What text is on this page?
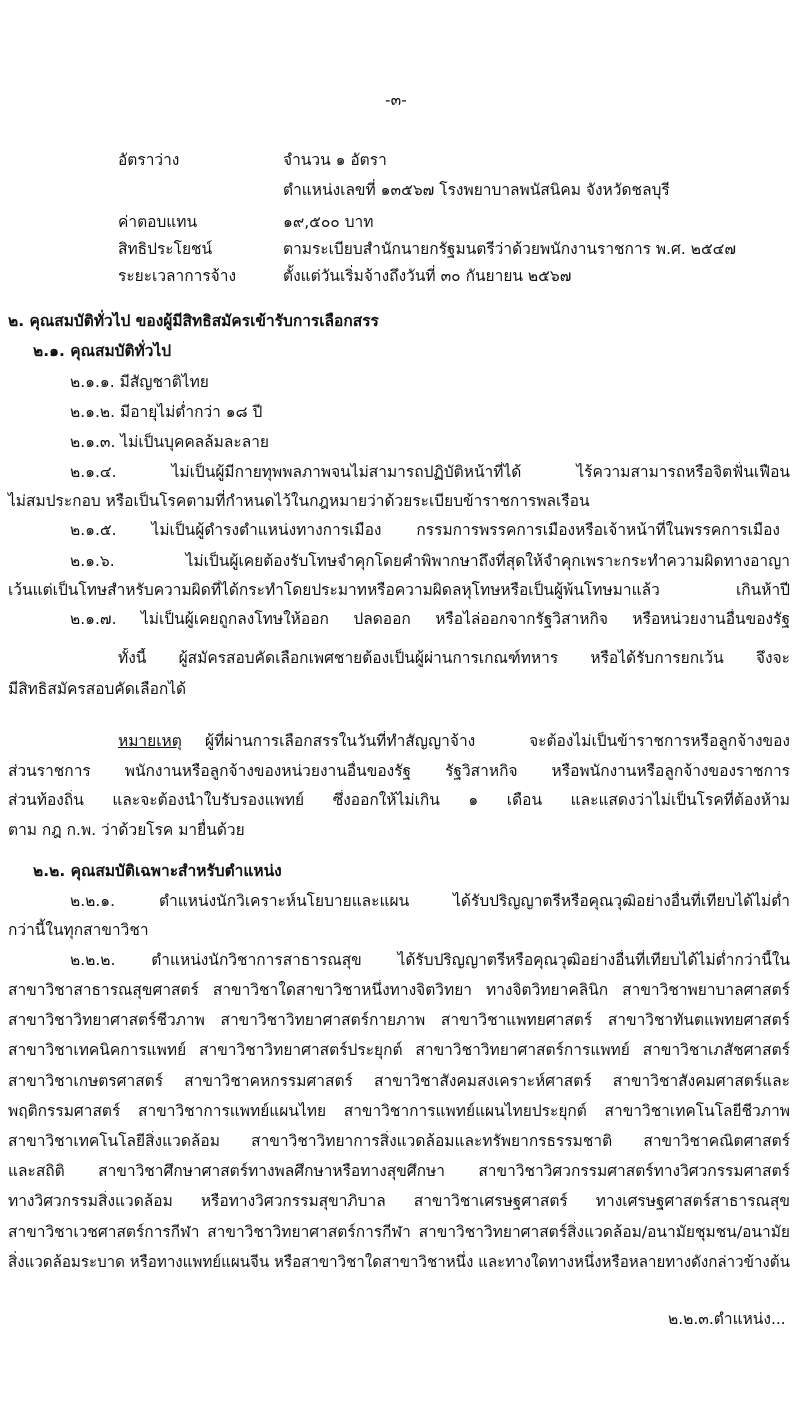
-๓-
อัตราว่าง	จำนวน ๑ อัตรา
ตำแหน่งเลขที่ ๑๓๕๖๗ โรงพยาบาลพนัสนิคม จังหวัดชลบุรี
ค่าตอบแทน	๑๙,๕๐๐ บาท
สิทธิประโยชน์	ตามระเบียบสำนักนายกรัฐมนตรีว่าด้วยพนักงานราชการ พ.ศ. ๒๕๔๗
ระยะเวลาการจ้าง	ตั้งแต่วันเริ่มจ้างถึงวันที่ ๓๐ กันยายน ๒๕๖๗
๒. คุณสมบัติทั่วไป ของผู้มีสิทธิสมัครเข้ารับการเลือกสรร
๒.๑. คุณสมบัติทั่วไป
๒.๑.๑. มีสัญชาติไทย
๒.๑.๒. มีอายุไม่ต่ำกว่า ๑๘ ปี
๒.๑.๓. ไม่เป็นบุคคลล้มละลาย
๒.๑.๔. ไม่เป็นผู้มีกายทุพพลภาพจนไม่สามารถปฏิบัติหน้าที่ได้ ไร้ความสามารถหรือจิตฟั่นเฟือน
ไม่สมประกอบ หรือเป็นโรคตามที่กำหนดไว้ในกฎหมายว่าด้วยระเบียบข้าราชการพลเรือน
๒.๑.๕. ไม่เป็นผู้ดำรงตำแหน่งทางการเมือง กรรมการพรรคการเมืองหรือเจ้าหน้าที่ในพรรคการเมือง
๒.๑.๖. ไม่เป็นผู้เคยต้องรับโทษจำคุกโดยคำพิพากษาถึงที่สุดให้จำคุกเพราะกระทำความผิดทางอาญา
เว้นแต่เป็นโทษสำหรับความผิดที่ได้กระทำโดยประมาทหรือความผิดลหุโทษหรือเป็นผู้พ้นโทษมาแล้ว เกินห้าปี
๒.๑.๗. ไม่เป็นผู้เคยถูกลงโทษให้ออก ปลดออก หรือไล่ออกจากรัฐวิสาหกิจ หรือหน่วยงานอื่นของรัฐ
ทั้งนี้ ผู้สมัครสอบคัดเลือกเพศชายต้องเป็นผู้ผ่านการเกณฑ์ทหาร หรือได้รับการยกเว้น จึงจะ
มีสิทธิสมัครสอบคัดเลือกได้
หมายเหตุ ผู้ที่ผ่านการเลือกสรรในวันที่ทำสัญญาจ้าง จะต้องไม่เป็นข้าราชการหรือลูกจ้างของ
ส่วนราชการ พนักงานหรือลูกจ้างของหน่วยงานอื่นของรัฐ รัฐวิสาหกิจ หรือพนักงานหรือลูกจ้างของราชการ
ส่วนท้องถิ่น และจะต้องนำใบรับรองแพทย์ ซึ่งออกให้ไม่เกิน ๑ เดือน และแสดงว่าไม่เป็นโรคที่ต้องห้าม
ตาม กฎ ก.พ. ว่าด้วยโรค มายื่นด้วย
๒.๒. คุณสมบัติเฉพาะสำหรับตำแหน่ง
๒.๒.๑. ตำแหน่งนักวิเคราะห์นโยบายและแผน ได้รับปริญญาตรีหรือคุณวุฒิอย่างอื่นที่เทียบได้ไม่ต่ำ
กว่านี้ในทุกสาขาวิชา
๒.๒.๒. ตำแหน่งนักวิชาการสาธารณสุข ได้รับปริญญาตรีหรือคุณวุฒิอย่างอื่นที่เทียบได้ไม่ต่ำกว่านี้ใน
สาขาวิชาสาธารณสุขศาสตร์ สาขาวิชาใดสาขาวิชาหนึ่งทางจิตวิทยา ทางจิตวิทยาคลินิก สาขาวิชาพยาบาลศาสตร์
สาขาวิชาวิทยาศาสตร์ชีวภาพ สาขาวิชาวิทยาศาสตร์กายภาพ สาขาวิชาแพทยศาสตร์ สาขาวิชาทันตแพทยศาสตร์
สาขาวิชาเทคนิคการแพทย์ สาขาวิชาวิทยาศาสตร์ประยุกต์ สาขาวิชาวิทยาศาสตร์การแพทย์ สาขาวิชาเภสัชศาสตร์
สาขาวิชาเกษตรศาสตร์ สาขาวิชาคหกรรมศาสตร์ สาขาวิชาสังคมสงเคราะห์ศาสตร์ สาขาวิชาสังคมศาสตร์และ
พฤติกรรมศาสตร์ สาขาวิชาการแพทย์แผนไทย สาขาวิชาการแพทย์แผนไทยประยุกต์ สาขาวิชาเทคโนโลยีชีวภาพ
สาขาวิชาเทคโนโลยีสิ่งแวดล้อม สาขาวิชาวิทยาการสิ่งแวดล้อมและทรัพยากรธรรมชาติ สาขาวิชาคณิตศาสตร์
และสถิติ สาขาวิชาศึกษาศาสตร์ทางพลศึกษาหรือทางสุขศึกษา สาขาวิชาวิศวกรรมศาสตร์ทางวิศวกรรมศาสตร์
ทางวิศวกรรมสิ่งแวดล้อม หรือทางวิศวกรรมสุขาภิบาล สาขาวิชาเศรษฐศาสตร์ ทางเศรษฐศาสตร์สาธารณสุข
สาขาวิชาเวชศาสตร์การกีฬา สาขาวิชาวิทยาศาสตร์การกีฬา สาขาวิชาวิทยาศาสตร์สิ่งแวดล้อม/อนามัยชุมชน/อนามัย
สิ่งแวดล้อมระบาด หรือทางแพทย์แผนจีน หรือสาขาวิชาใดสาขาวิชาหนึ่ง และทางใดทางหนึ่งหรือหลายทางดังกล่าวข้างต้น
๒.๒.๓.ตำแหน่ง...
